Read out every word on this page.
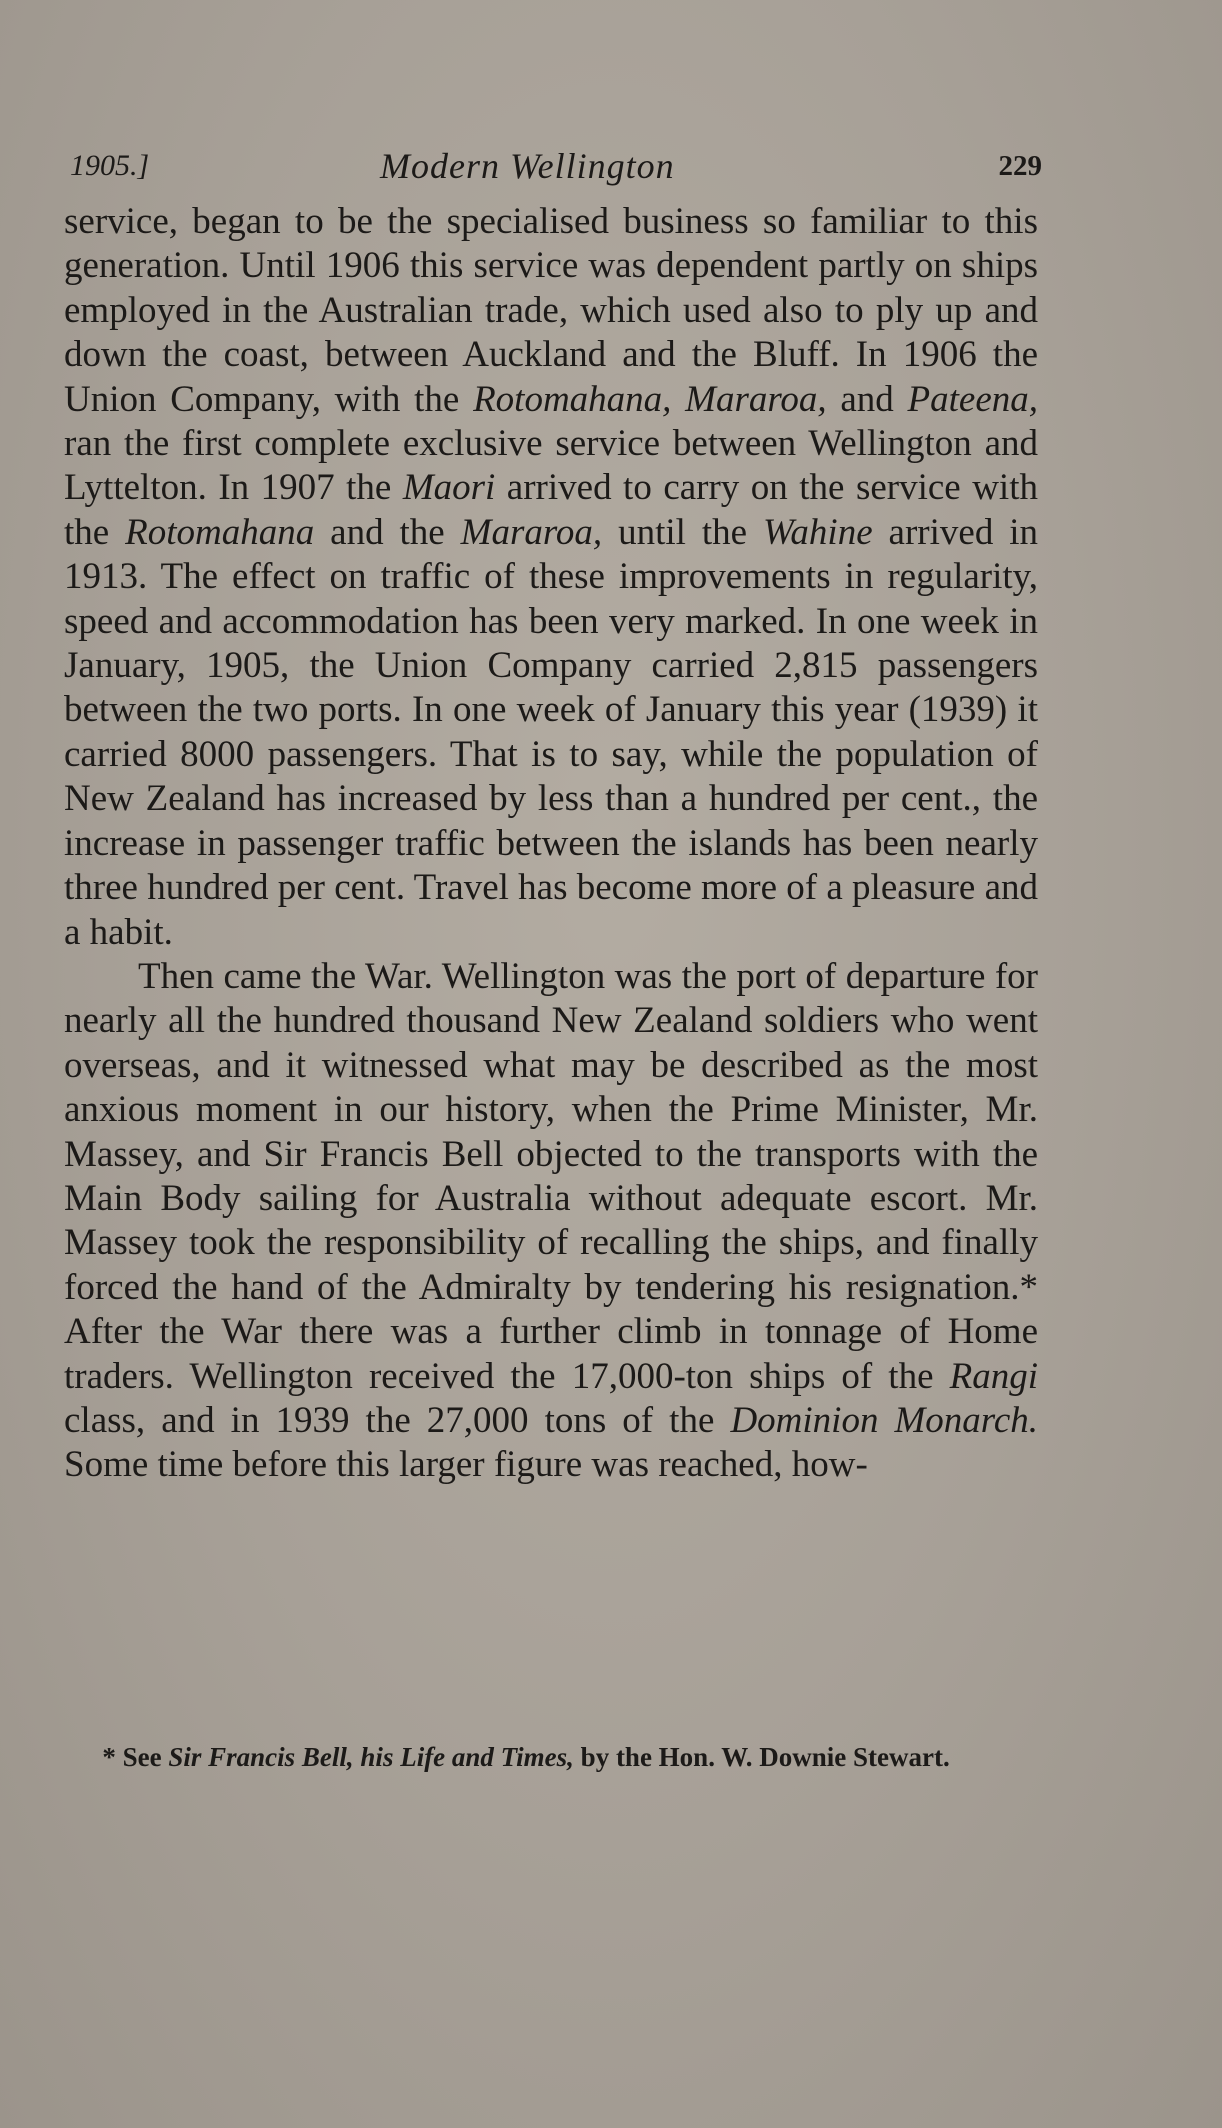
1905.]	Modern Wellington	229

service, began to be the specialised business so familiar to this generation. Until 1906 this service was dependent partly on ships employed in the Australian trade, which used also to ply up and down the coast, between Auckland and the Bluff. In 1906 the Union Company, with the Rotomahana, Mararoa, and Pateena, ran the first complete exclusive service between Wellington and Lyttelton. In 1907 the Maori arrived to carry on the service with the Rotomahana and the Mararoa, until the Wahine arrived in 1913. The effect on traffic of these improvements in regularity, speed and accommodation has been very marked. In one week in January, 1905, the Union Company carried 2,815 passengers between the two ports. In one week of January this year (1939) it carried 8000 passengers. That is to say, while the population of New Zealand has increased by less than a hundred per cent., the increase in passenger traffic between the islands has been nearly three hundred per cent. Travel has become more of a pleasure and a habit.

Then came the War. Wellington was the port of departure for nearly all the hundred thousand New Zealand soldiers who went overseas, and it witnessed what may be described as the most anxious moment in our history, when the Prime Minister, Mr. Massey, and Sir Francis Bell objected to the transports with the Main Body sailing for Australia without adequate escort. Mr. Massey took the responsibility of recalling the ships, and finally forced the hand of the Admiralty by tendering his resignation.* After the War there was a further climb in tonnage of Home traders. Wellington received the 17,000-ton ships of the Rangi class, and in 1939 the 27,000 tons of the Dominion Monarch. Some time before this larger figure was reached, how-

* See Sir Francis Bell, his Life and Times, by the Hon. W. Downie Stewart.
